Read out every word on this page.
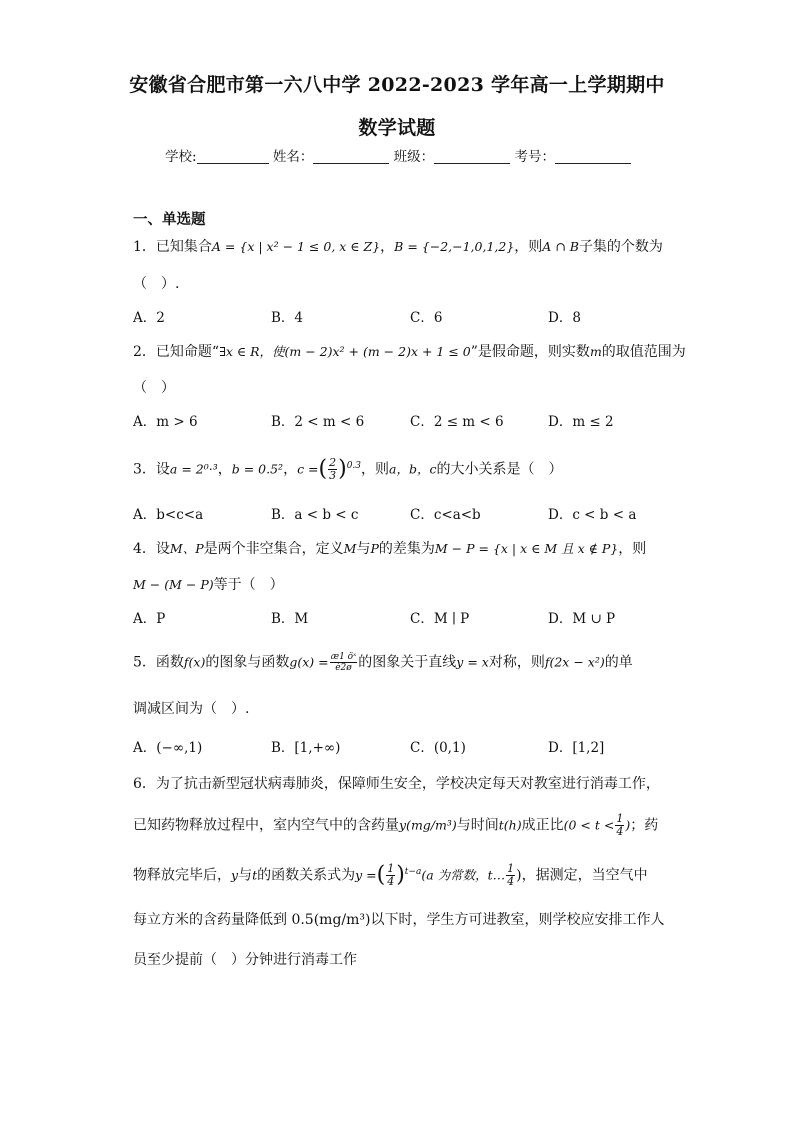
安徽省合肥市第一六八中学 2022-2023 学年高一上学期期中
数学试题
学校:	姓名：	班级：	考号：
一、单选题
1．已知集合A = {x | x² − 1 ≤ 0, x ∈ Z}，B = {−2,−1,0,1,2}，则A ∩ B子集的个数为
（　）.
A．2	B．4	C．6	D．8
2．已知命题“∃x ∈ R，使(m − 2)x² + (m − 2)x + 1 ≤ 0”是假命题，则实数m的取值范围为
（　）
A．m > 6	B．2 < m < 6	C．2 ≤ m < 6	D．m ≤ 2
3．设a = 2⁰·³，b = 0.5²，c =( $\frac{2}{3} )^{0.3}$，则a，b，c的大小关系是（　）
A．b<c<a	B．a < b < c	C．c<a<b	D．c < b < a
4．设M、P是两个非空集合，定义M与P的差集为M − P = {x | x ∈ M 且 x ∉ P}，则
M − (M − P)等于（　）
A．P	B．M	C．M ∣ P	D．M ∪ P
5．函数f(x)的图象与函数$g(x) = \frac{\text{æ1 öˣ}}{è2ø}$ 的图象关于直线y = x对称，则f(2x − x²)的单
调减区间为（　）.
A．(−∞,1)	B．[1,+∞)	C．(0,1)	D．[1,2]
6．为了抗击新型冠状病毒肺炎，保障师生安全，学校决定每天对教室进行消毒工作，
已知药物释放过程中，室内空气中的含药量y(mg/m³)与时间t(h)成正比($0 < t < \frac{1}{4}$ )；药
物释放完毕后，y与t的函数关系式为y =( $\frac{1}{4} )^{t-a}(a$ 为常数，t… $\frac{1}{4}$ )，据测定，当空气中
每立方米的含药量降低到 0.5(mg/m³)以下时，学生方可进教室，则学校应安排工作人
员至少提前（　）分钟进行消毒工作
